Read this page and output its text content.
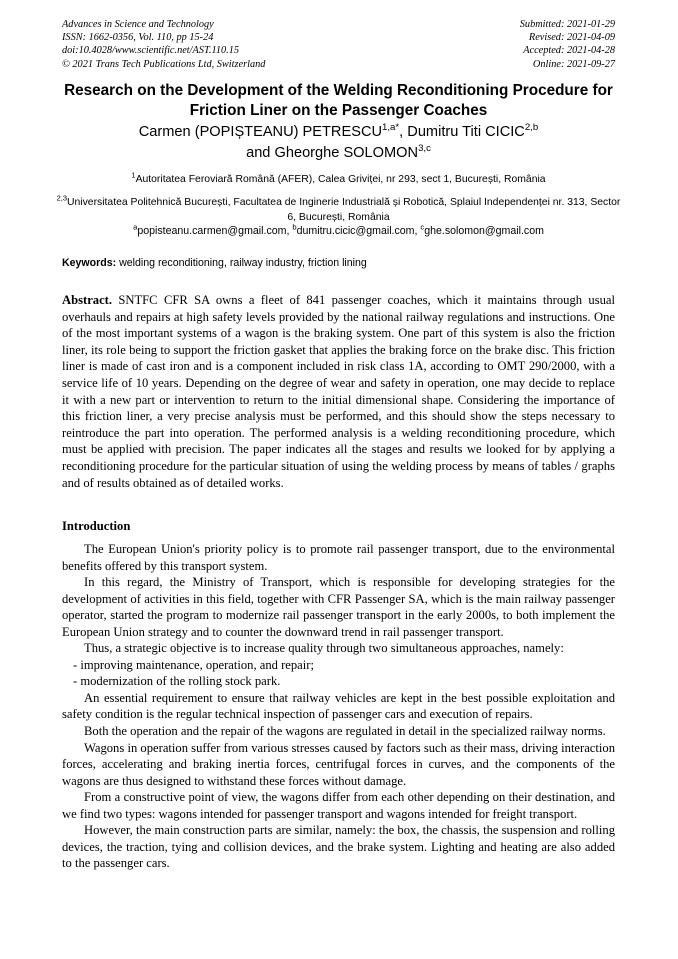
Advances in Science and Technology
ISSN: 1662-0356, Vol. 110, pp 15-24
doi:10.4028/www.scientific.net/AST.110.15
© 2021 Trans Tech Publications Ltd, Switzerland
Submitted: 2021-01-29
Revised: 2021-04-09
Accepted: 2021-04-28
Online: 2021-09-27
Research on the Development of the Welding Reconditioning Procedure for Friction Liner on the Passenger Coaches
Carmen (POPIȘTEANU) $PETRESCU^{1,a*}$, Dumitru Titi CICIC$^{2,b}$
and Gheorghe SOLOMON$^{3,c}$
$^1$Autoritatea Feroviară Română (AFER), Calea Griviței, nr 293, sect 1, București, România
$^{2,3}$Universitatea Politehnică București, Facultatea de Inginerie Industrială și Robotică, Splaiul Independenței nr. 313, Sector 6, București, România
$^a$popisteanu.carmen@gmail.com, $^b$dumitru.cicic@gmail.com, $^c$ghe.solomon@gmail.com
Keywords: welding reconditioning, railway industry, friction lining
Abstract. SNTFC CFR SA owns a fleet of 841 passenger coaches, which it maintains through usual overhauls and repairs at high safety levels provided by the national railway regulations and instructions. One of the most important systems of a wagon is the braking system. One part of this system is also the friction liner, its role being to support the friction gasket that applies the braking force on the brake disc. This friction liner is made of cast iron and is a component included in risk class 1A, according to OMT 290/2000, with a service life of 10 years. Depending on the degree of wear and safety in operation, one may decide to replace it with a new part or intervention to return to the initial dimensional shape. Considering the importance of this friction liner, a very precise analysis must be performed, and this should show the steps necessary to reintroduce the part into operation. The performed analysis is a welding reconditioning procedure, which must be applied with precision. The paper indicates all the stages and results we looked for by applying a reconditioning procedure for the particular situation of using the welding process by means of tables / graphs and of results obtained as of detailed works.
Introduction

The European Union's priority policy is to promote rail passenger transport, due to the environmental benefits offered by this transport system.

In this regard, the Ministry of Transport, which is responsible for developing strategies for the development of activities in this field, together with CFR Passenger SA, which is the main railway passenger operator, started the program to modernize rail passenger transport in the early 2000s, to both implement the European Union strategy and to counter the downward trend in rail passenger transport.

Thus, a strategic objective is to increase quality through two simultaneous approaches, namely:

- improving maintenance, operation, and repair;

- modernization of the rolling stock park.

An essential requirement to ensure that railway vehicles are kept in the best possible exploitation and safety condition is the regular technical inspection of passenger cars and execution of repairs.

Both the operation and the repair of the wagons are regulated in detail in the specialized railway norms.

Wagons in operation suffer from various stresses caused by factors such as their mass, driving interaction forces, accelerating and braking inertia forces, centrifugal forces in curves, and the components of the wagons are thus designed to withstand these forces without damage.

From a constructive point of view, the wagons differ from each other depending on their destination, and we find two types: wagons intended for passenger transport and wagons intended for freight transport.

However, the main construction parts are similar, namely: the box, the chassis, the suspension and rolling devices, the traction, tying and collision devices, and the brake system. Lighting and heating are also added to the passenger cars.
